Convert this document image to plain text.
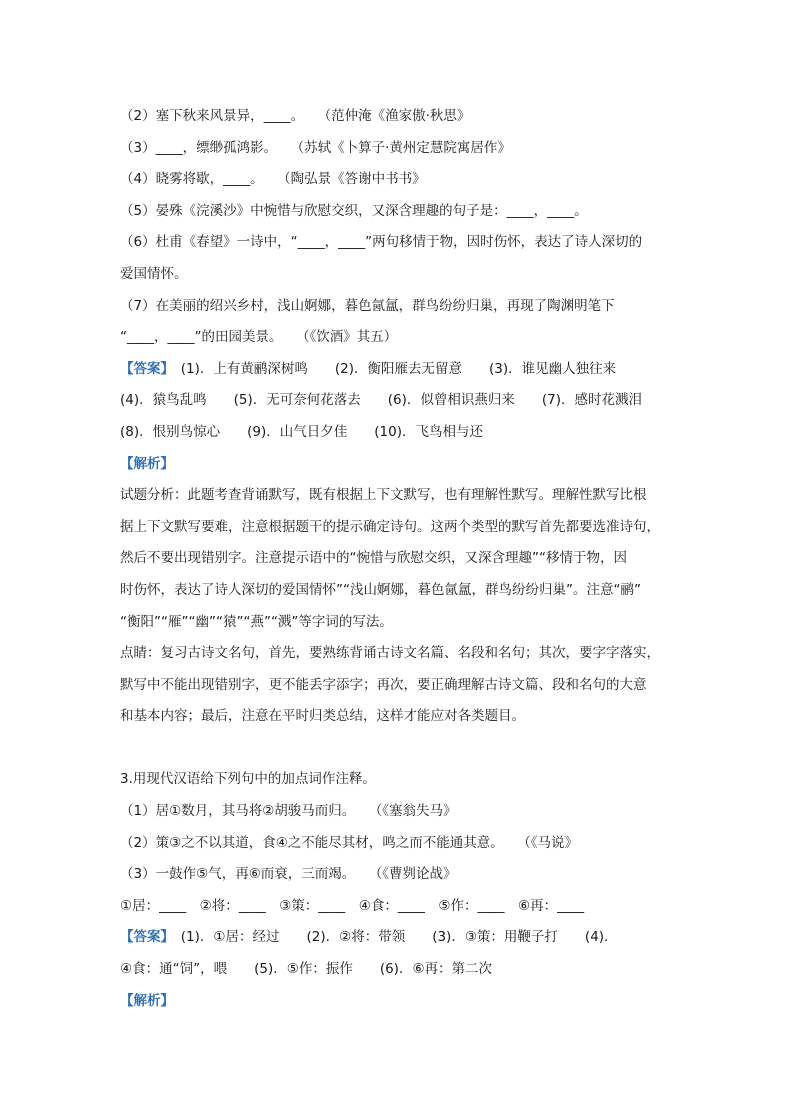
（2）塞下秋来风景异，____。　　（范仲淹《渔家傲·秋思》
（3）____，缥缈孤鸿影。　　（苏轼《卜算子·黄州定慧院寓居作》
（4）晓雾将歇，____。　　（陶弘景《答谢中书书》
（5）晏殊《浣溪沙》中惋惜与欣慰交织，又深含理趣的句子是：____，____。
（6）杜甫《春望》一诗中，“____，____”两句移情于物，因时伤怀，表达了诗人深切的
爱国情怀。
（7）在美丽的绍兴乡村，浅山婀娜，暮色氤氲，群鸟纷纷归巢，再现了陶渊明笔下
“____，____”的田园美景。　　（《饮酒》其五）
【答案】　(1)．上有黄鹂深树鸣　　(2)．衡阳雁去无留意　　(3)．谁见幽人独往来
(4)．猿鸟乱鸣　　(5)．无可奈何花落去　　(6)．似曾相识燕归来　　(7)．感时花溅泪
(8)．恨别鸟惊心　　(9)．山气日夕佳　　(10)．飞鸟相与还
【解析】
试题分析：此题考查背诵默写，既有根据上下文默写，也有理解性默写。理解性默写比根
据上下文默写要难，注意根据题干的提示确定诗句。这两个类型的默写首先都要选准诗句，
然后不要出现错别字。注意提示语中的“惋惜与欣慰交织，又深含理趣”“移情于物，因
时伤怀，表达了诗人深切的爱国情怀”“浅山婀娜，暮色氤氲，群鸟纷纷归巢”。注意“鹂”
“衡阳”“雁”“幽”“猿”“燕”“溅”等字词的写法。
点睛：复习古诗文名句，首先，要熟练背诵古诗文名篇、名段和名句；其次，要字字落实，
默写中不能出现错别字，更不能丢字添字；再次，要正确理解古诗文篇、段和名句的大意
和基本内容；最后，注意在平时归类总结，这样才能应对各类题目。
3.用现代汉语给下列句中的加点词作注释。
（1）居①数月，其马将②胡骏马而归。　　（《塞翁失马》
（2）策③之不以其道，食④之不能尽其材，鸣之而不能通其意。　　（《马说》
（3）一鼓作⑤气，再⑥而衰，三而竭。　　（《曹刿论战》
①居：____　②将：____　③策：____　④食：____　⑤作：____　⑥再：____
【答案】　(1)．①居：经过　　(2)．②将：带领　　(3)．③策：用鞭子打　　(4)．
④食：通“饲”，喂　　(5)．⑤作：振作　　(6)．⑥再：第二次
【解析】
